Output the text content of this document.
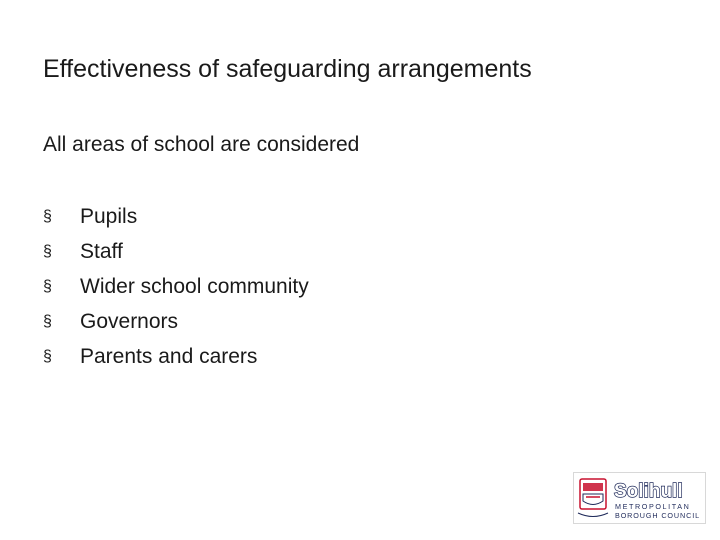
Effectiveness of safeguarding arrangements

All areas of school are considered

§	Pupils
§	Staff
§	Wider school community
§	Governors
§	Parents and carers
Solihull
METROPOLITAN
BOROUGH COUNCIL
